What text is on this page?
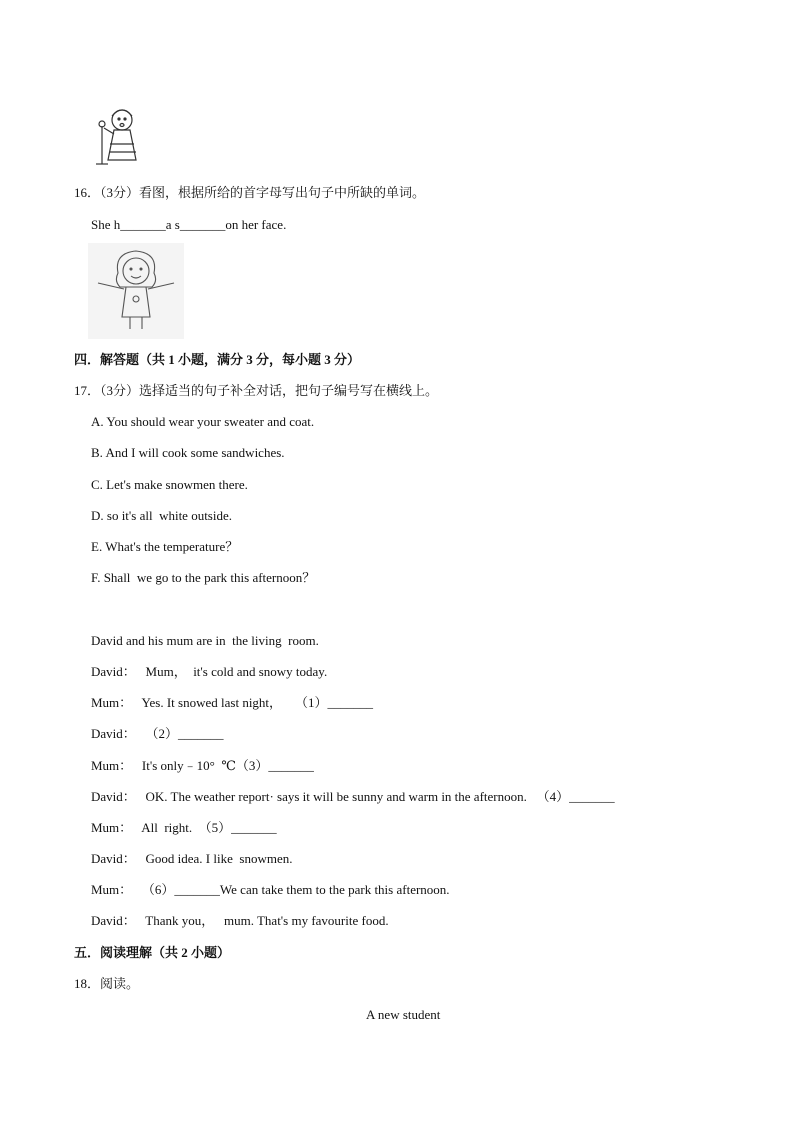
16．（3分）看图，根据所给的首字母写出句子中所缺的单词。
She h_______a s_______on her face.
四．解答题（共 1 小题，满分 3 分，每小题 3 分）
17．（3分）选择适当的句子补全对话，把句子编号写在横线上。
A. You should wear your sweater and coat.
B. And I will cook some sandwiches.
C. Let's make snowmen there.
D. so it's all  white outside.
E. What's the temperature？
F. Shall  we go to the park this afternoon？
David and his mum are in  the living  room.
David：   Mum，  it's cold and snowy today.
Mum：   Yes. It snowed last night，    （1）_______
David：   （2）_______
Mum：   It's only﹣10°  ℃（3）_______
David：   OK. The weather report· says it will be sunny and warm in the afternoon.   （4）_______
Mum：   All  right.  （5）_______
David：   Good idea. I like  snowmen.
Mum：   （6）_______We can take them to the park this afternoon.
David：   Thank you，   mum. That's my favourite food.
五．阅读理解（共 2 小题）
18．阅读。
A new student
